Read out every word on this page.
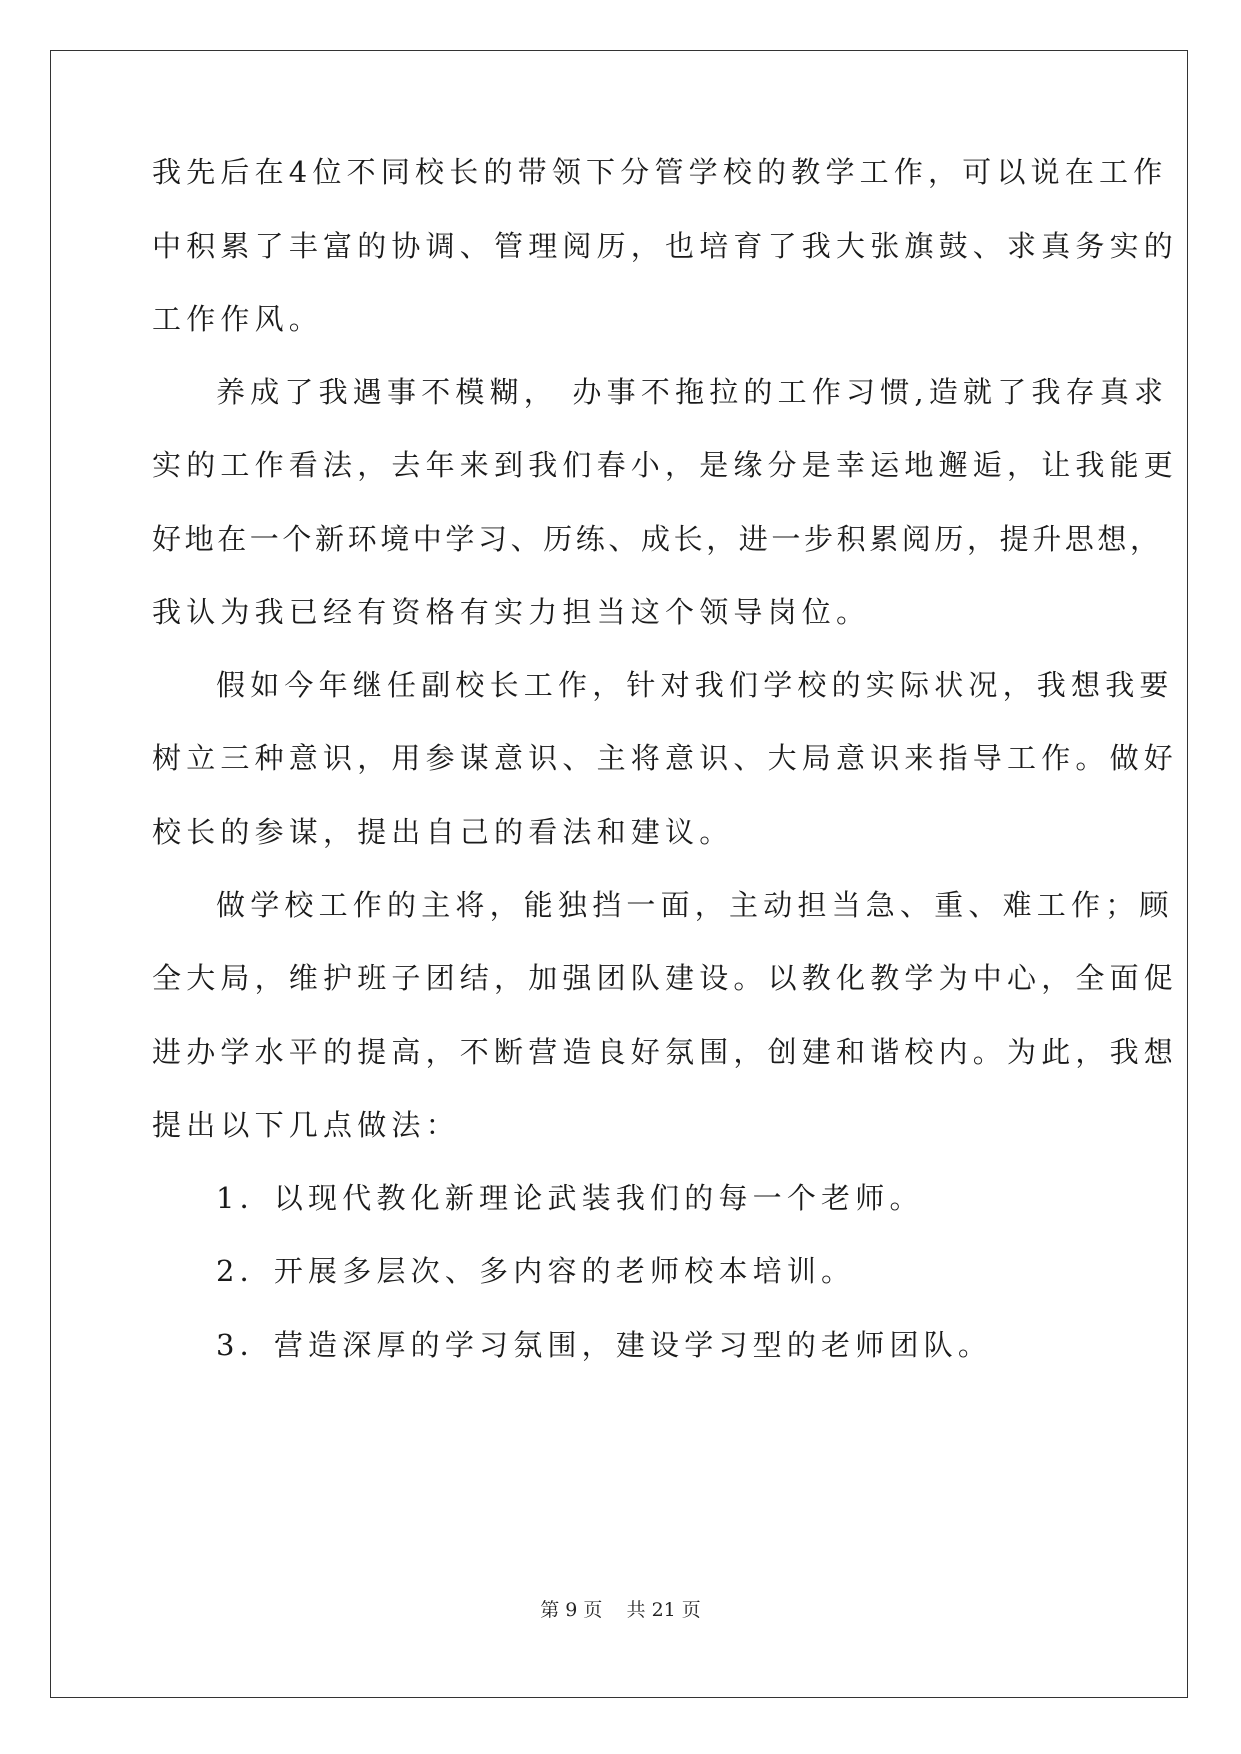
我先后在4位不同校长的带领下分管学校的教学工作，可以说在工作
中积累了丰富的协调、管理阅历，也培育了我大张旗鼓、求真务实的
工作作风。
养成了我遇事不模糊， 办事不拖拉的工作习惯,造就了我存真求
实的工作看法，去年来到我们春小，是缘分是幸运地邂逅，让我能更
好地在一个新环境中学习、历练、成长，进一步积累阅历，提升思想，
我认为我已经有资格有实力担当这个领导岗位。
假如今年继任副校长工作，针对我们学校的实际状况，我想我要
树立三种意识，用参谋意识、主将意识、大局意识来指导工作。做好
校长的参谋，提出自己的看法和建议。
做学校工作的主将，能独挡一面，主动担当急、重、难工作；顾
全大局，维护班子团结，加强团队建设。以教化教学为中心，全面促
进办学水平的提高，不断营造良好氛围，创建和谐校内。为此，我想
提出以下几点做法：
1．以现代教化新理论武装我们的每一个老师。
2．开展多层次、多内容的老师校本培训。
3．营造深厚的学习氛围，建设学习型的老师团队。
第 9 页    共 21 页
